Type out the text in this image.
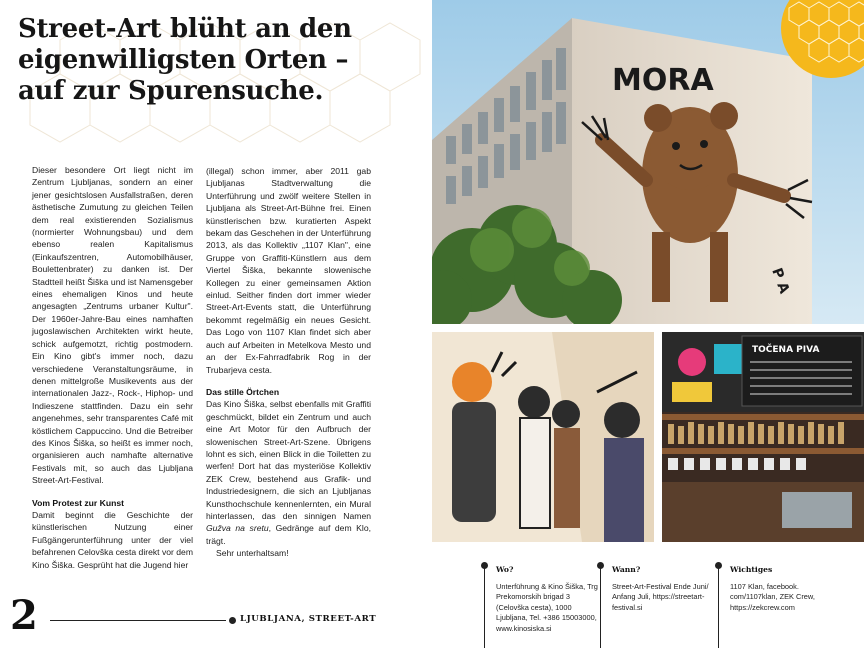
Street-Art blüht an den
eigenwilligsten Orten –
auf zur Spurensuche.

Dieser besondere Ort liegt nicht im Zentrum Ljubljanas, sondern an einer jener gesichtslosen Ausfallstraßen, deren ästhetische Zumutung zu gleichen Teilen dem real existierenden Sozialismus (normierter Wohnungsbau) und dem ebenso realen Kapitalismus (Einkaufszentren, Automobilhäuser, Boulettenbrater) zu danken ist. Der Stadtteil heißt Šiška und ist Namensgeber eines ehemaligen Kinos und heute angesagten „Zentrums urbaner Kultur". Der 1960er-Jahre-Bau eines namhaften jugoslawischen Architekten wirkt heute, schick aufgemotzt, richtig postmodern. Ein Kino gibt's immer noch, dazu verschiedene Veranstaltungsräume, in denen mittelgroße Musikevents aus der internationalen Jazz-, Rock-, Hiphop- und Indieszene stattfinden. Dazu ein sehr angenehmes, sehr transparentes Café mit köstlichem Cappuccino. Und die Betreiber des Kinos Šiška, so heißt es immer noch, organisieren auch namhafte alternative Festivals mit, so auch das Ljubljana Street-Art-Festival.

Vom Protest zur Kunst

Damit beginnt die Geschichte der künstlerischen Nutzung einer Fußgängerunterführung unter der viel befahrenen Celovška cesta direkt vor dem Kino Šiška. Gesprüht hat die Jugend hier

(illegal) schon immer, aber 2011 gab Ljubljanas Stadtverwaltung die Unterführung und zwölf weitere Stellen in Ljubljana als Street-Art-Bühne frei. Einen künstlerischen bzw. kuratierten Aspekt bekam das Geschehen in der Unterführung 2013, als das Kollektiv „1107 Klan", eine Gruppe von Graffiti-Künstlern aus dem Viertel Šiška, bekannte slowenische Kollegen zu einer gemeinsamen Aktion einlud. Seither finden dort immer wieder Street-Art-Events statt, die Unterführung bekommt regelmäßig ein neues Gesicht. Das Logo von 1107 Klan findet sich aber auch auf Arbeiten in Metelkova Mesto und an der Ex-Fahrradfabrik Rog in der Trubarjeva cesta.

Das stille Örtchen

Das Kino Šiška, selbst ebenfalls mit Graffiti geschmückt, bildet ein Zentrum und auch eine Art Motor für den Aufbruch der slowenischen Street-Art-Szene. Übrigens lohnt es sich, einen Blick in die Toiletten zu werfen! Dort hat das mysteriöse Kollektiv ZEK Crew, bestehend aus Grafik- und Industriedesignern, die sich an Ljubljanas Kunsthochschule kennenlernten, ein Mural hinterlassen, das den sinnigen Namen Gužva na sretu, Gedränge auf dem Klo, trägt.

Sehr unterhaltsam!

2	LJUBLJANA, STREET-ART
MORA
P A
TOČENA PIVA
Wo?
Unterführung & Kino Šiška, Trg Prekomorskih brigad 3 (Celovška cesta), 1000 Ljubljana, Tel. +386 15003000, www.kinosiska.si
Wann?
Street-Art-Festival Ende Juni/ Anfang Juli, https://streetart-festival.si
Wichtiges
1107 Klan, facebook. com/1107klan, ZEK Crew, https://zekcrew.com
